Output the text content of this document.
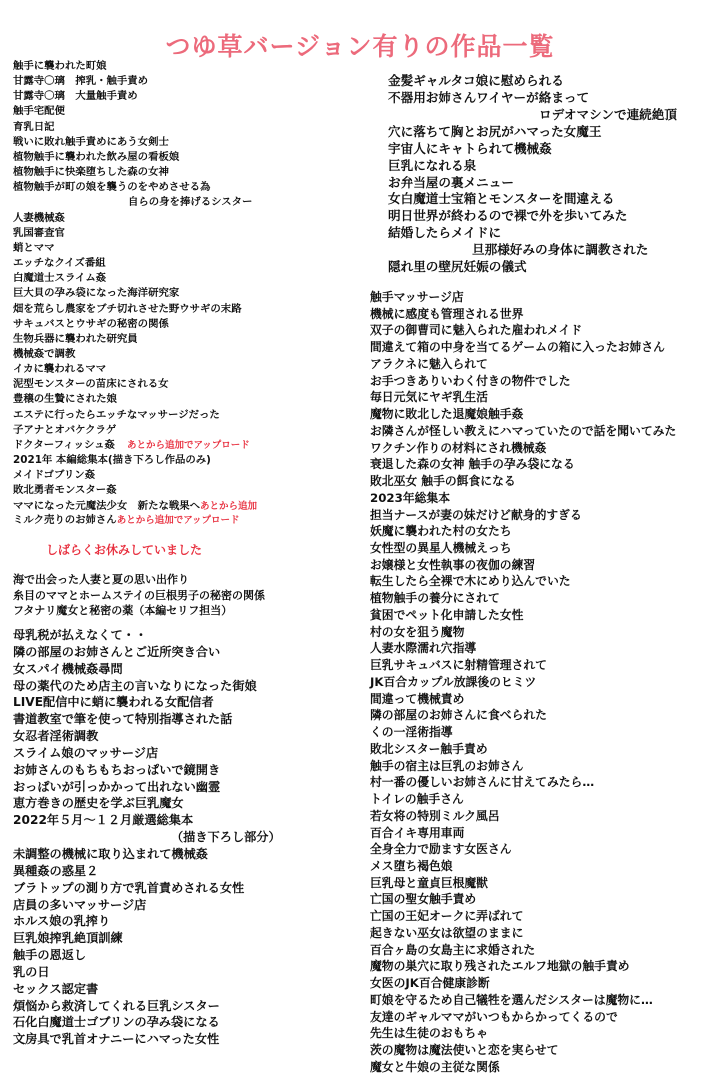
つゆ草バージョン有りの作品一覧
触手に襲われた町娘
甘露寺〇璃　搾乳・触手責め
甘露寺〇璃　大量触手責め
触手宅配便
育乳日記
戦いに敗れ触手責めにあう女剣士
植物触手に襲われた飲み屋の看板娘
植物触手に快楽堕ちした森の女神
植物触手が町の娘を襲うのをやめさせる為
自らの身を捧げるシスター
人妻機械姦
乳国審査官
蛸とママ
エッチなクイズ番組
白魔道士スライム姦
巨大貝の孕み袋になった海洋研究家
畑を荒らし農家をブチ切れさせた野ウサギの末路
サキュバスとウサギの秘密の関係
生物兵器に襲われた研究員
機械姦で調教
イカに襲われるママ
泥型モンスターの苗床にされる女
豊穣の生贄にされた娘
エステに行ったらエッチなマッサージだった
子アナとオバケクラゲ
ドクターフィッシュ姦 あとから追加でアップロード
2021年 本編総集本(描き下ろし作品のみ)
メイドゴブリン姦
敗北勇者モンスター姦
ママになった元魔法少女　新たな戦果へあとから追加
ミルク売りのお姉さんあとから追加でアップロード
しばらくお休みしていました
海で出会った人妻と夏の思い出作り
糸目のママとホームステイの巨根男子の秘密の関係
フタナリ魔女と秘密の薬（本編セリフ担当）
母乳税が払えなくて・・
隣の部屋のお姉さんとご近所突き合い
女スパイ機械姦尋問
母の薬代のため店主の言いなりになった街娘
LIVE配信中に蛸に襲われる女配信者
書道教室で筆を使って特別指導された話
女忍者淫術調教
スライム娘のマッサージ店
お姉さんのもちもちおっぱいで鏡開き
おっぱいが引っかかって出れない幽霊
恵方巻きの歴史を学ぶ巨乳魔女
2022年５月～１２月厳選総集本
（描き下ろし部分）
未調整の機械に取り込まれて機械姦
異種姦の惑星２
ブラトップの測り方で乳首責めされる女性
店員の多いマッサージ店
ホルス娘の乳搾り
巨乳娘搾乳絶頂訓練
触手の恩返し
乳の日
セックス認定書
煩悩から救済してくれる巨乳シスター
石化白魔道士ゴブリンの孕み袋になる
文房具で乳首オナニーにハマった女性
金髪ギャルタコ娘に慰められる
不器用お姉さんワイヤーが絡まって
ロデオマシンで連続絶頂
穴に落ちて胸とお尻がハマった女魔王
宇宙人にキャトられて機械姦
巨乳になれる泉
お弁当屋の裏メニュー
女白魔道士宝箱とモンスターを間違える
明日世界が終わるので裸で外を歩いてみた
結婚したらメイドに
旦那様好みの身体に調教された
隠れ里の壁尻妊娠の儀式
触手マッサージ店
機械に感度も管理される世界
双子の御曹司に魅入られた雇われメイド
間違えて箱の中身を当てるゲームの箱に入ったお姉さん
アラクネに魅入られて
お手つきありいわく付きの物件でした
毎日元気にヤギ乳生活
魔物に敗北した退魔娘触手姦
お隣さんが怪しい教えにハマっていたので話を聞いてみた
ワクチン作りの材料にされ機械姦
衰退した森の女神 触手の孕み袋になる
敗北巫女 触手の餌食になる
2023年総集本
担当ナースが妻の妹だけど献身的すぎる
妖魔に襲われた村の女たち
女性型の異星人機械えっち
お嬢様と女性執事の夜伽の練習
転生したら全裸で木にめり込んでいた
植物触手の養分にされて
貧困でペット化申請した女性
村の女を狙う魔物
人妻水際濡れ穴指導
巨乳サキュバスに射精管理されて
JK百合カップル放課後のヒミツ
間違って機械責め
隣の部屋のお姉さんに食べられた
くの一淫術指導
敗北シスター触手責め
触手の宿主は巨乳のお姉さん
村一番の優しいお姉さんに甘えてみたら…
トイレの触手さん
若女将の特別ミルク風呂
百合イキ専用車両
全身全力で励ます女医さん
メス堕ち褐色娘
巨乳母と童貞巨根魔獣
亡国の聖女触手責め
亡国の王妃オークに弄ばれて
起きない巫女は欲望のままに
百合ヶ島の女島主に求婚された
魔物の巣穴に取り残されたエルフ地獄の触手責め
女医のJK百合健康診断
町娘を守るため自己犠牲を選んだシスターは魔物に…
友達のギャルママがいつもからかってくるので
先生は生徒のおもちゃ
茨の魔物は魔法使いと恋を実らせて
魔女と牛娘の主従な関係
